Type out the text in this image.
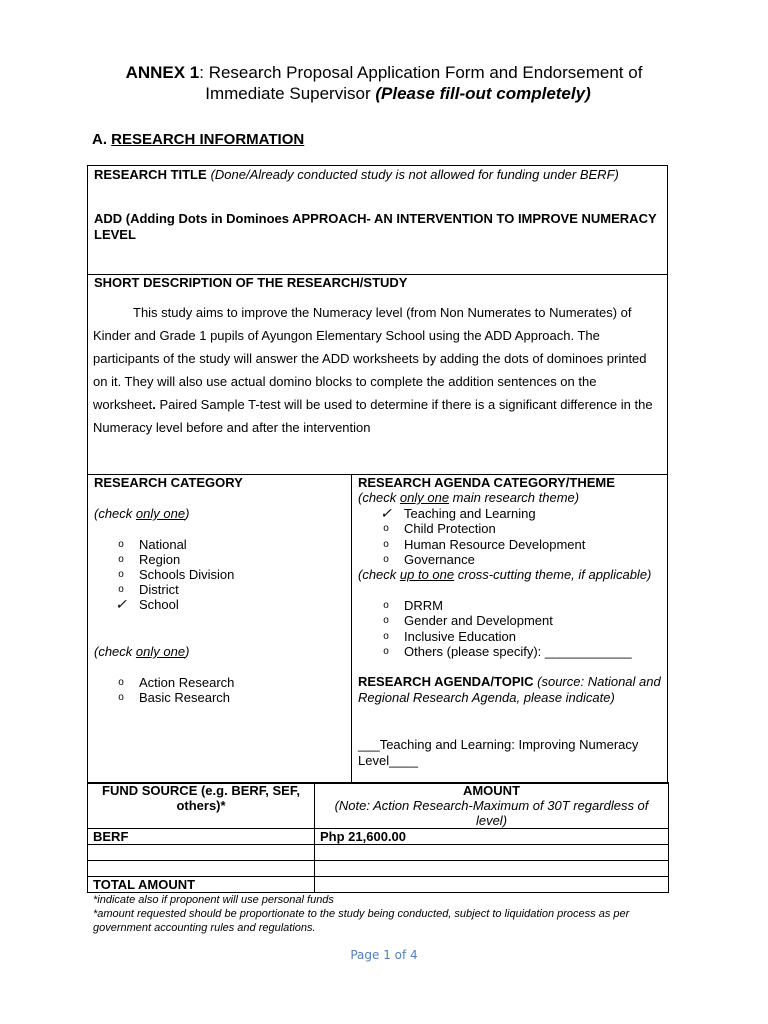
ANNEX 1: Research Proposal Application Form and Endorsement of
Immediate Supervisor (Please fill-out completely)
A. RESEARCH INFORMATION
RESEARCH TITLE (Done/Already conducted study is not allowed for funding under BERF)
ADD (Adding Dots in Dominoes APPROACH- AN INTERVENTION TO IMPROVE NUMERACY LEVEL
SHORT DESCRIPTION OF THE RESEARCH/STUDY
This study aims to improve the Numeracy level (from Non Numerates to Numerates) of Kinder and Grade 1 pupils of Ayungon Elementary School using the ADD Approach. The participants of the study will answer the ADD worksheets by adding the dots of dominoes printed on it. They will also use actual domino blocks to complete the addition sentences on the worksheet. Paired Sample T-test will be used to determine if there is a significant difference in the Numeracy level before and after the intervention
RESEARCH CATEGORY
(check only one)
o	National
o	Region
o	Schools Division
o	District
✓ School
(check only one)
o	Action Research
o	Basic Research
RESEARCH AGENDA CATEGORY/THEME
(check only one main research theme)
✓ Teaching and Learning
o	Child Protection
o	Human Resource Development
o	Governance
(check up to one cross-cutting theme, if applicable)
o	DRRM
o	Gender and Development
o	Inclusive Education
o	Others (please specify): ____________
RESEARCH AGENDA/TOPIC (source: National and Regional Research Agenda, please indicate)
___Teaching and Learning: Improving Numeracy Level____
FUND SOURCE (e.g. BERF, SEF, others)*	AMOUNT
(Note: Action Research-Maximum of 30T regardless of level)

BERF	Php 21,600.00

TOTAL AMOUNT	
*indicate also if proponent will use personal funds
*amount requested should be proportionate to the study being conducted, subject to liquidation process as per government accounting rules and regulations.
Page 1 of 4
